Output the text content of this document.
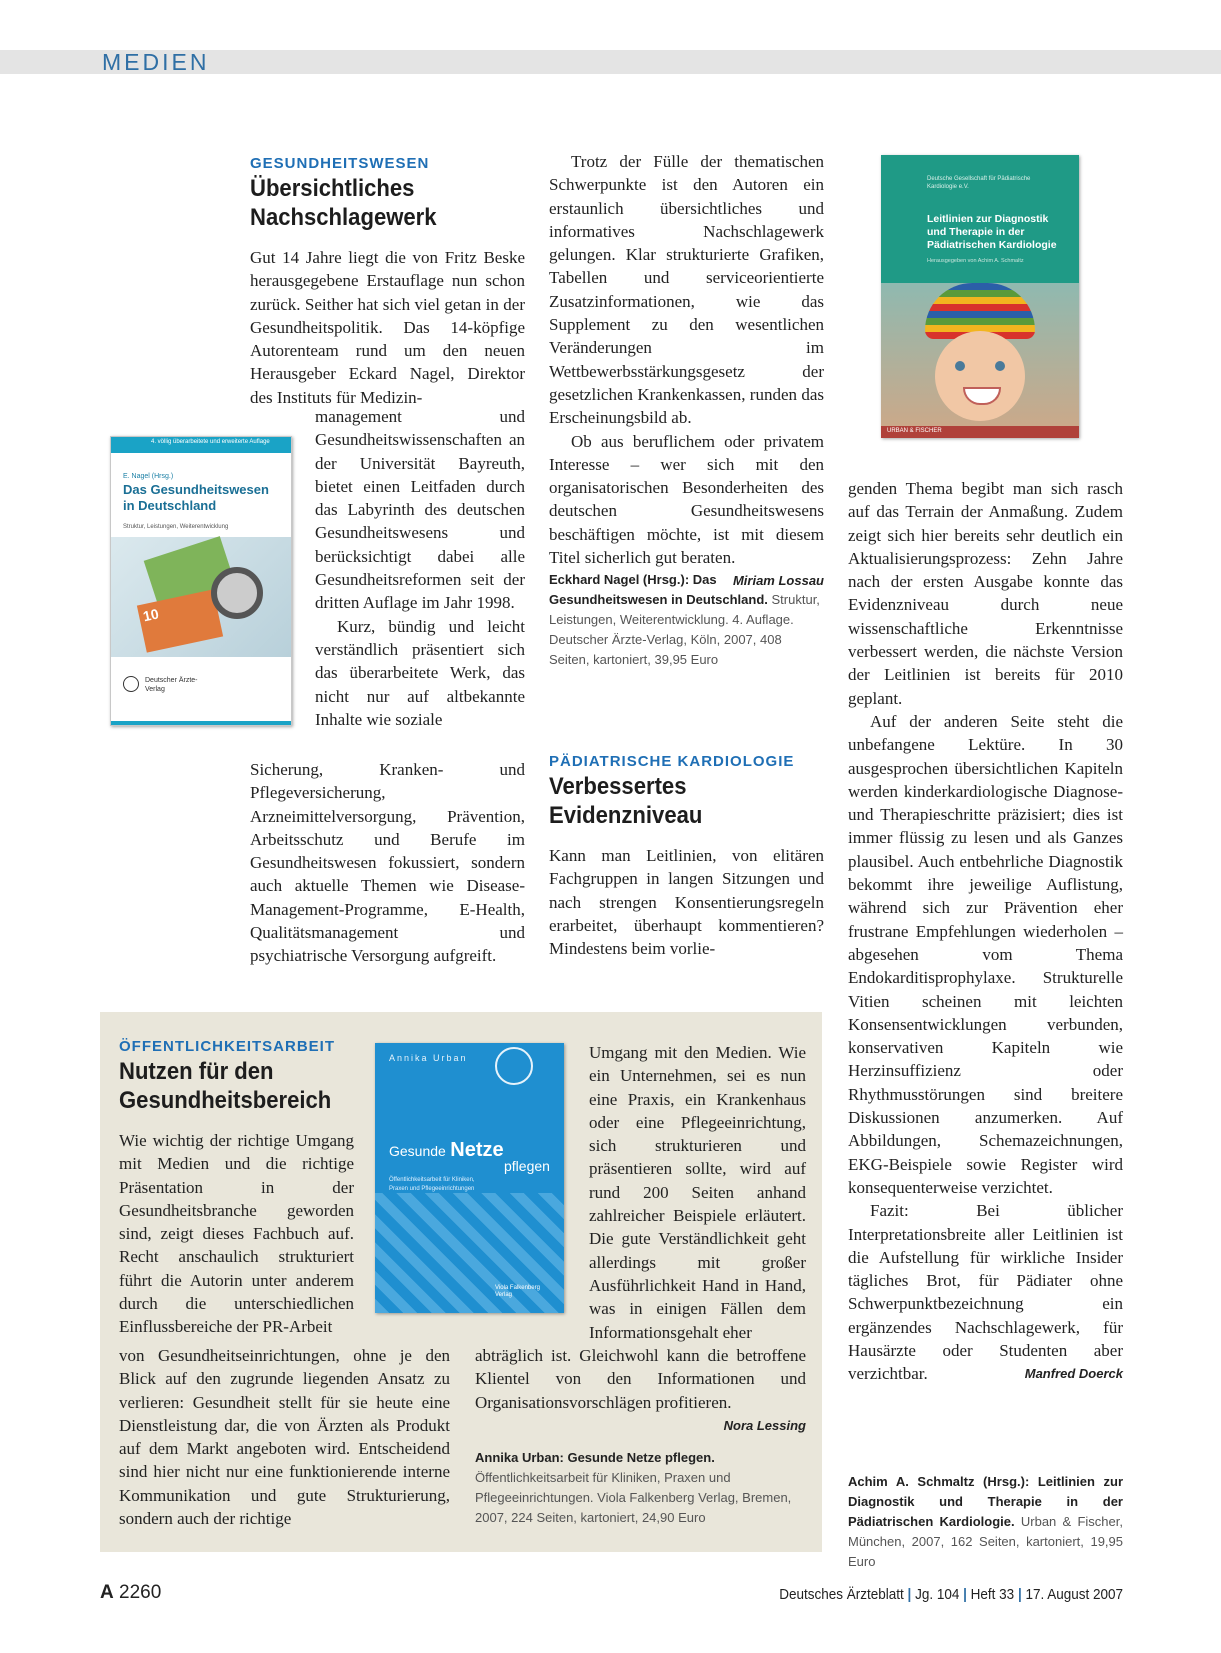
MEDIEN
GESUNDHEITSWESEN
Übersichtliches Nachschlagewerk

Gut 14 Jahre liegt die von Fritz Beske herausgegebene Erstauflage nun schon zurück. Seither hat sich viel getan in der Gesundheitspolitik. Das 14-köpfige Autorenteam rund um den neuen Herausgeber Eckard Nagel, Direktor des Instituts für Medizin-

4. völlig überarbeitete und erweiterte Auflage
E. Nagel (Hrsg.)
Das Gesundheitswesen in Deutschland
Struktur, Leistungen, Weiterentwicklung
10
Deutscher Ärzte-Verlag

management und Gesundheitswissenschaften an der Universität Bayreuth, bietet einen Leitfaden durch das Labyrinth des deutschen Gesundheitswesens und berücksichtigt dabei alle Gesundheitsreformen seit der dritten Auflage im Jahr 1998.

Kurz, bündig und leicht verständlich präsentiert sich das überarbeitete Werk, das nicht nur auf altbekannte Inhalte wie soziale

Sicherung, Kranken- und Pflegeversicherung, Arzneimittelversorgung, Prävention, Arbeitsschutz und Berufe im Gesundheitswesen fokussiert, sondern auch aktuelle Themen wie Disease-Management-Programme, E-Health, Qualitätsmanagement und psychiatrische Versorgung aufgreift.

Trotz der Fülle der thematischen Schwerpunkte ist den Autoren ein erstaunlich übersichtliches und informatives Nachschlagewerk gelungen. Klar strukturierte Grafiken, Tabellen und serviceorientierte Zusatzinformationen, wie das Supplement zu den wesentlichen Veränderungen im Wettbewerbsstärkungsgesetz der gesetzlichen Krankenkassen, runden das Erscheinungsbild ab.

Ob aus beruflichem oder privatem Interesse – wer sich mit den organisatorischen Besonderheiten des deutschen Gesundheitswesens beschäftigen möchte, ist mit diesem Titel sicherlich gut beraten.
Miriam Lossau

Eckhard Nagel (Hrsg.): Das Gesundheitswesen in Deutschland. Struktur, Leistungen, Weiterentwicklung. 4. Auflage. Deutscher Ärzte-Verlag, Köln, 2007, 408 Seiten, kartoniert, 39,95 Euro
PÄDIATRISCHE KARDIOLOGIE
Verbessertes Evidenzniveau

Kann man Leitlinien, von elitären Fachgruppen in langen Sitzungen und nach strengen Konsentierungsregeln erarbeitet, überhaupt kommentieren? Mindestens beim vorlie-

Deutsche Gesellschaft für Pädiatrische Kardiologie e.V.
Leitlinien zur Diagnostik und Therapie in der Pädiatrischen Kardiologie
Herausgegeben von Achim A. Schmaltz
URBAN & FISCHER

genden Thema begibt man sich rasch auf das Terrain der Anmaßung. Zudem zeigt sich hier bereits sehr deutlich ein Aktualisierungsprozess: Zehn Jahre nach der ersten Ausgabe konnte das Evidenzniveau durch neue wissenschaftliche Erkenntnisse verbessert werden, die nächste Version der Leitlinien ist bereits für 2010 geplant.

Auf der anderen Seite steht die unbefangene Lektüre. In 30 ausgesprochen übersichtlichen Kapiteln werden kinderkardiologische Diagnose- und Therapieschritte präzisiert; dies ist immer flüssig zu lesen und als Ganzes plausibel. Auch entbehrliche Diagnostik bekommt ihre jeweilige Auflistung, während sich zur Prävention eher frustrane Empfehlungen wiederholen – abgesehen vom Thema Endokarditisprophylaxe. Strukturelle Vitien scheinen mit leichten Konsensentwicklungen verbunden, konservativen Kapiteln wie Herzinsuffizienz oder Rhythmusstörungen sind breitere Diskussionen anzumerken. Auf Abbildungen, Schemazeichnungen, EKG-Beispiele sowie Register wird konsequenterweise verzichtet.

Fazit: Bei üblicher Interpretationsbreite aller Leitlinien ist die Aufstellung für wirkliche Insider tägliches Brot, für Pädiater ohne Schwerpunktbezeichnung ein ergänzendes Nachschlagewerk, für Hausärzte oder Studenten aber verzichtbar.	Manfred Doerck

Achim A. Schmaltz (Hrsg.): Leitlinien zur Diagnostik und Therapie in der Pädiatrischen Kardiologie. Urban & Fischer, München, 2007, 162 Seiten, kartoniert, 19,95 Euro
ÖFFENTLICHKEITSARBEIT
Nutzen für den Gesundheitsbereich

Wie wichtig der richtige Umgang mit Medien und die richtige Präsentation in der Gesundheitsbranche geworden sind, zeigt dieses Fachbuch auf. Recht anschaulich strukturiert führt die Autorin unter anderem durch die unterschiedlichen Einflussbereiche der PR-Arbeit

Annika Urban
Gesunde Netze
pflegen
Öffentlichkeitsarbeit für Kliniken, Praxen und Pflegeeinrichtungen
Viola Falkenberg Verlag

Umgang mit den Medien. Wie ein Unternehmen, sei es nun eine Praxis, ein Krankenhaus oder eine Pflegeeinrichtung, sich strukturieren und präsentieren sollte, wird auf rund 200 Seiten anhand zahlreicher Beispiele erläutert. Die gute Verständlichkeit geht allerdings mit großer Ausführlichkeit Hand in Hand, was in einigen Fällen dem Informationsgehalt eher

von Gesundheitseinrichtungen, ohne je den Blick auf den zugrunde liegenden Ansatz zu verlieren: Gesundheit stellt für sie heute eine Dienstleistung dar, die von Ärzten als Produkt auf dem Markt angeboten wird. Entscheidend sind hier nicht nur eine funktionierende interne Kommunikation und gute Strukturierung, sondern auch der richtige

abträglich ist. Gleichwohl kann die betroffene Klientel von den Informationen und Organisationsvorschlägen profitieren.
Nora Lessing

Annika Urban: Gesunde Netze pflegen. Öffentlichkeitsarbeit für Kliniken, Praxen und Pflegeeinrichtungen. Viola Falkenberg Verlag, Bremen, 2007, 224 Seiten, kartoniert, 24,90 Euro
A 2260	Deutsches Ärzteblatt | Jg. 104 | Heft 33 | 17. August 2007
